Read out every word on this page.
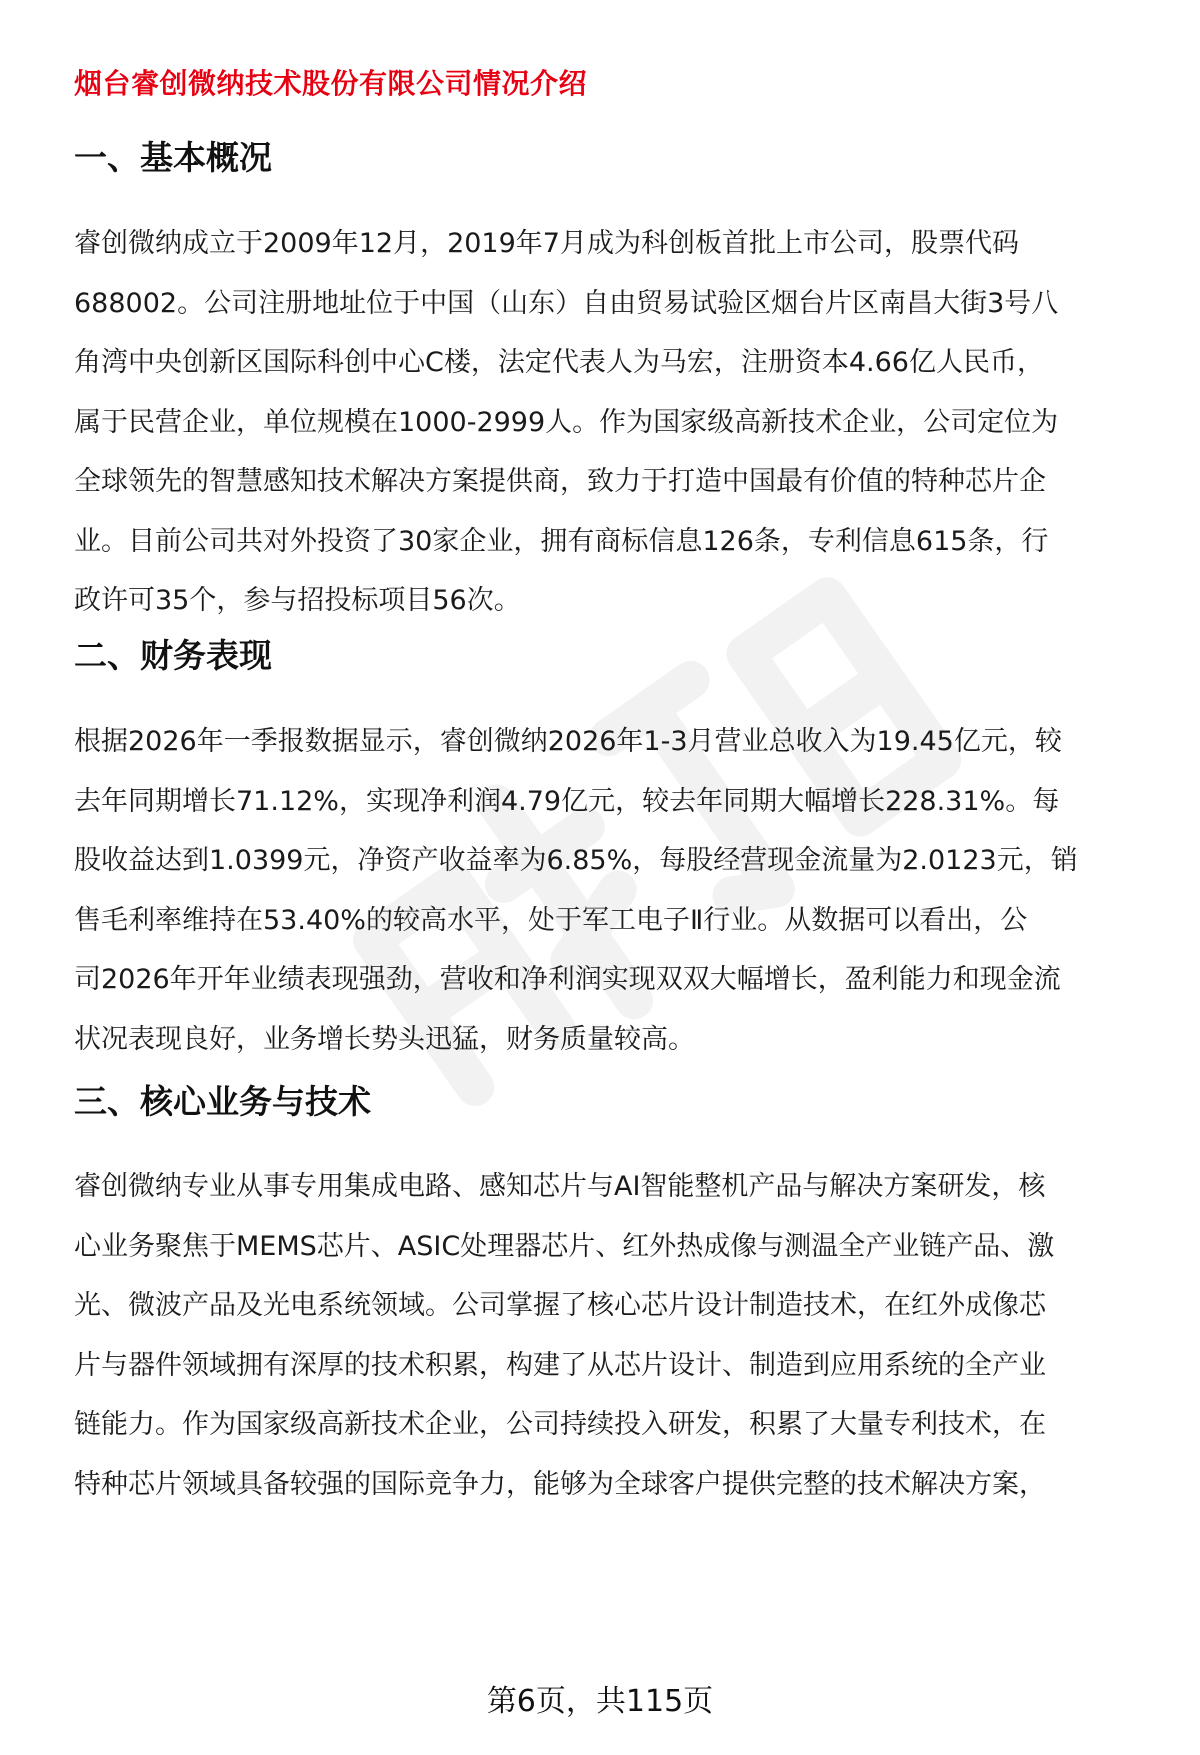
烟台睿创微纳技术股份有限公司情况介绍
一、基本概况
睿创微纳成立于2009年12月，2019年7月成为科创板首批上市公司，股票代码
688002。公司注册地址位于中国（山东）自由贸易试验区烟台片区南昌大街3号八
角湾中央创新区国际科创中心C楼，法定代表人为马宏，注册资本4.66亿人民币，
属于民营企业，单位规模在1000-2999人。作为国家级高新技术企业，公司定位为
全球领先的智慧感知技术解决方案提供商，致力于打造中国最有价值的特种芯片企
业。目前公司共对外投资了30家企业，拥有商标信息126条，专利信息615条，行
政许可35个，参与招投标项目56次。
二、财务表现
根据2026年一季报数据显示，睿创微纳2026年1-3月营业总收入为19.45亿元，较
去年同期增长71.12%，实现净利润4.79亿元，较去年同期大幅增长228.31%。每
股收益达到1.0399元，净资产收益率为6.85%，每股经营现金流量为2.0123元，销
售毛利率维持在53.40%的较高水平，处于军工电子Ⅱ行业。从数据可以看出，公
司2026年开年业绩表现强劲，营收和净利润实现双双大幅增长，盈利能力和现金流
状况表现良好，业务增长势头迅猛，财务质量较高。
三、核心业务与技术
睿创微纳专业从事专用集成电路、感知芯片与AI智能整机产品与解决方案研发，核
心业务聚焦于MEMS芯片、ASIC处理器芯片、红外热成像与测温全产业链产品、激
光、微波产品及光电系统领域。公司掌握了核心芯片设计制造技术，在红外成像芯
片与器件领域拥有深厚的技术积累，构建了从芯片设计、制造到应用系统的全产业
链能力。作为国家级高新技术企业，公司持续投入研发，积累了大量专利技术，在
特种芯片领域具备较强的国际竞争力，能够为全球客户提供完整的技术解决方案，
第6页，共115页
